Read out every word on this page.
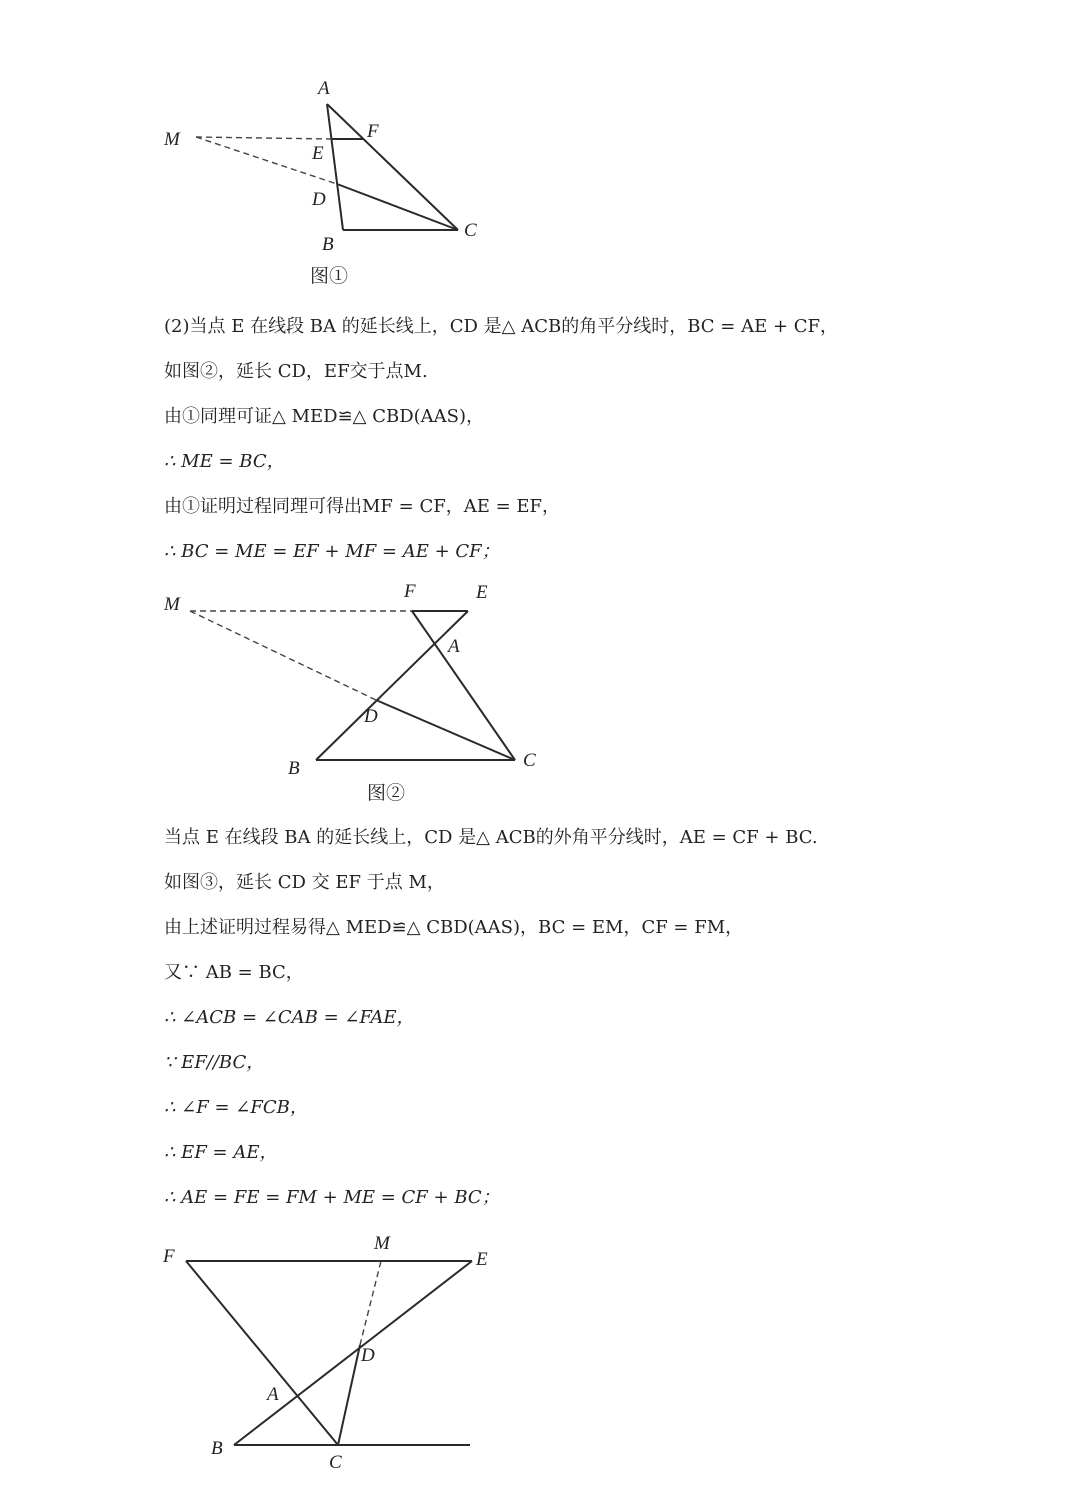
A
F
M
E
D
C
B
图①

(2)当点 E 在线段 BA 的延长线上，CD 是△ ACB的角平分线时，BC = AE + CF，

如图②，延长 CD，EF交于点M.

由①同理可证△ MED≌△ CBD(AAS)，

∴ ME = BC，

由①证明过程同理可得出MF = CF，AE = EF，

∴ BC = ME = EF + MF = AE + CF；

M
F	E
A
D
B	C
图②

当点 E 在线段 BA 的延长线上，CD 是△ ACB的外角平分线时，AE = CF + BC.

如图③，延长 CD 交 EF 于点 M，

由上述证明过程易得△ MED≌△ CBD(AAS)，BC = EM，CF = FM，

又∵ AB = BC，

∴ ∠ACB = ∠CAB = ∠FAE，

∵ EF//BC，

∴ ∠F = ∠FCB，

∴ EF = AE，

∴ AE = FE = FM + ME = CF + BC；

F
M
E
D
A
B
C
